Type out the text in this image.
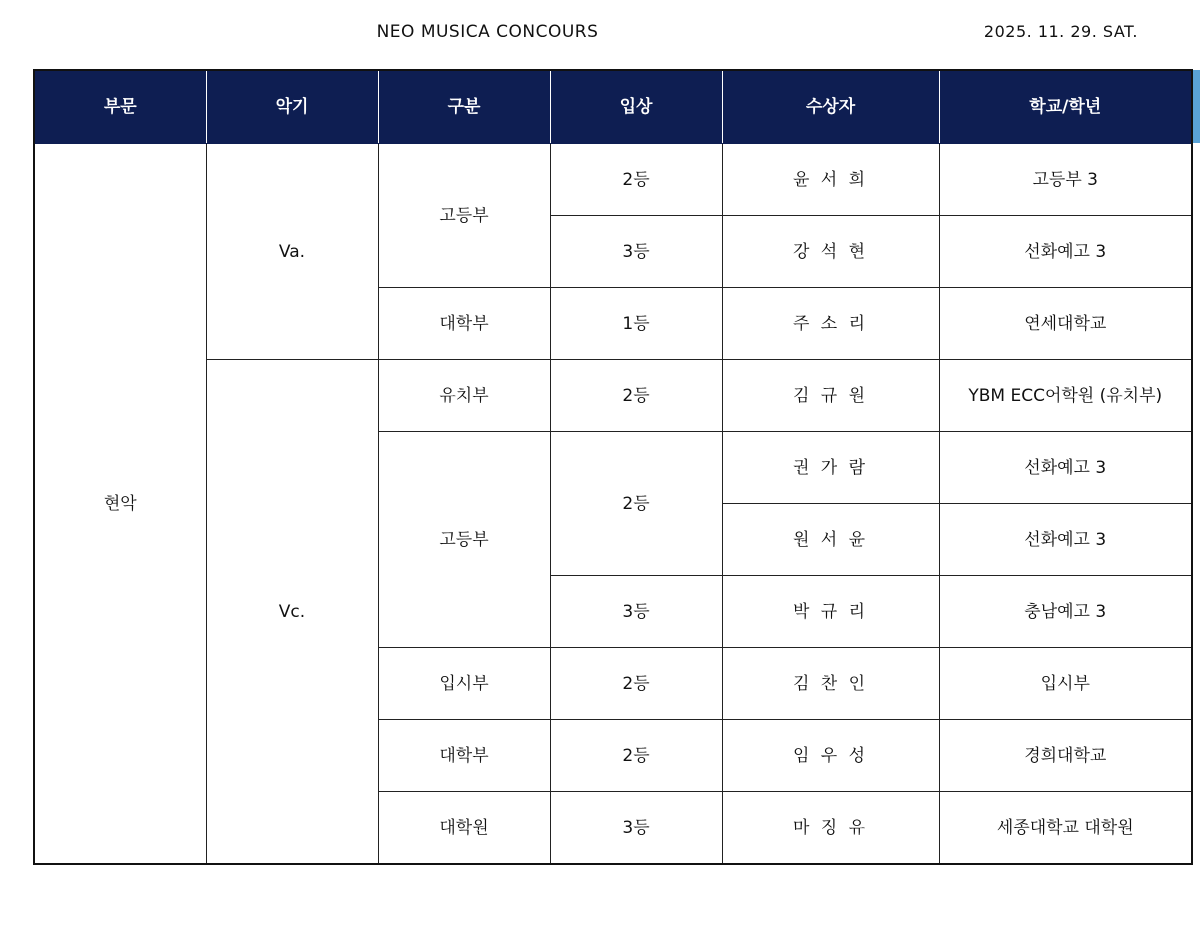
NEO MUSICA CONCOURS	2025. 11. 29. SAT.
부문	악기	구분	입상	수상자	학교/학년
현악	Va.	고등부	2등	윤 서 희	고등부 3
			3등	강 석 현	선화예고 3
		대학부	1등	주 소 리	연세대학교
	Vc.	유치부	2등	김 규 원	YBM ECC어학원 (유치부)
		고등부	2등	권 가 람	선화예고 3
				원 서 윤	선화예고 3
			3등	박 규 리	충남예고 3
		입시부	2등	김 찬 인	입시부
		대학부	2등	임 우 성	경희대학교
		대학원	3등	마 징 유	세종대학교 대학원
